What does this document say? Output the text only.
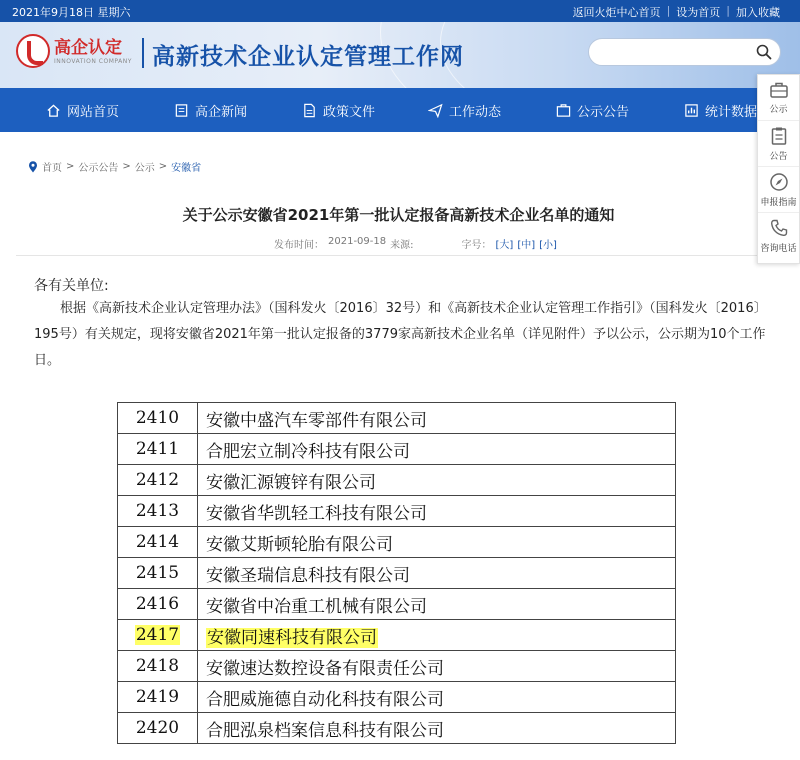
2021年9月18日 星期六	返回火炬中心首页 | 设为首页 | 加入收藏
高企认定
INNOVATION COMPANY 高新技术企业认定管理工作网
网站首页	高企新闻	政策文件	工作动态	公示公告	统计数据
首页 > 公示公告 > 公示 > 安徽省
关于公示安徽省2021年第一批认定报备高新技术企业名单的通知
发布时间： 2021-09-18 来源:	字号： [大] [中] [小]
各有关单位:
根据《高新技术企业认定管理办法》（国科发火〔2016〕32号）和《高新技术企业认定管理工作指引》（国科发火〔2016〕195号）有关规定，现将安徽省2021年第一批认定报备的3779家高新技术企业名单（详见附件）予以公示，公示期为10个工作日。
公示
公告
申报指南
咨询电话
2410	安徽中盛汽车零部件有限公司
2411	合肥宏立制冷科技有限公司
2412	安徽汇源镀锌有限公司
2413	安徽省华凯轻工科技有限公司
2414	安徽艾斯顿轮胎有限公司
2415	安徽圣瑞信息科技有限公司
2416	安徽省中冶重工机械有限公司
2417	安徽同速科技有限公司
2418	安徽速达数控设备有限责任公司
2419	合肥威施德自动化科技有限公司
2420	合肥泓泉档案信息科技有限公司
